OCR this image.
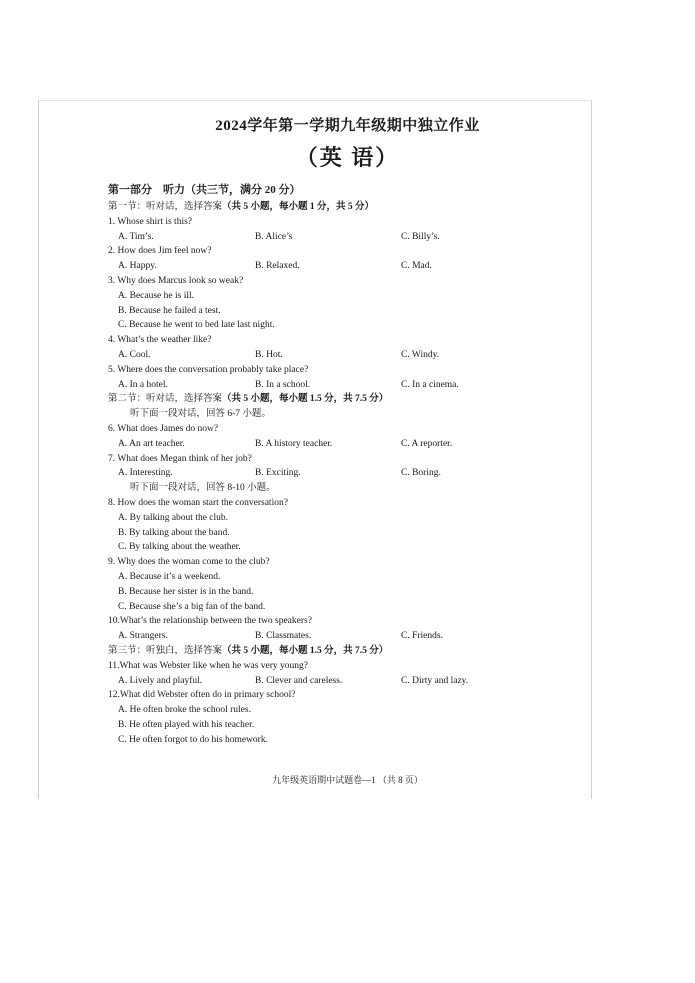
2024学年第一学期九年级期中独立作业
（英 语）
第一部分　听力（共三节，满分 20 分）
第一节：听对话，选择答案（共 5 小题，每小题 1 分，共 5 分）
1. Whose shirt is this?
A. Tim’s.	B. Alice’s	C. Billy’s.
2. How does Jim feel now?
A. Happy.	B. Relaxed.	C. Mad.
3. Why does Marcus look so weak?
A. Because he is ill.
B. Because he failed a test.
C. Because he went to bed late last night.
4. What’s the weather like?
A. Cool.	B. Hot.	C. Windy.
5. Where does the conversation probably take place?
A. In a hotel.	B. In a school.	C. In a cinema.
第二节：听对话，选择答案（共 5 小题，每小题 1.5 分，共 7.5 分）
听下面一段对话，回答 6-7 小题。
6. What does James do now?
A. An art teacher.	B. A history teacher.	C. A reporter.
7. What does Megan think of her job?
A. Interesting.	B. Exciting.	C. Boring.
听下面一段对话，回答 8-10 小题。
8. How does the woman start the conversation?
A. By talking about the club.
B. By talking about the band.
C. By talking about the weather.
9. Why does the woman come to the club?
A. Because it’s a weekend.
B. Because her sister is in the band.
C. Because she’s a big fan of the band.
10.What’s the relationship between the two speakers?
A. Strangers.	B. Classmates.	C. Friends.
第三节：听独白，选择答案（共 5 小题，每小题 1.5 分，共 7.5 分）
11.What was Webster like when he was very young?
A. Lively and playful.	B. Clever and careless.	C. Dirty and lazy.
12.What did Webster often do in primary school?
A. He often broke the school rules.
B. He often played with his teacher.
C. He often forgot to do his homework.
九年级英语期中试题卷—1 （共 8 页）
